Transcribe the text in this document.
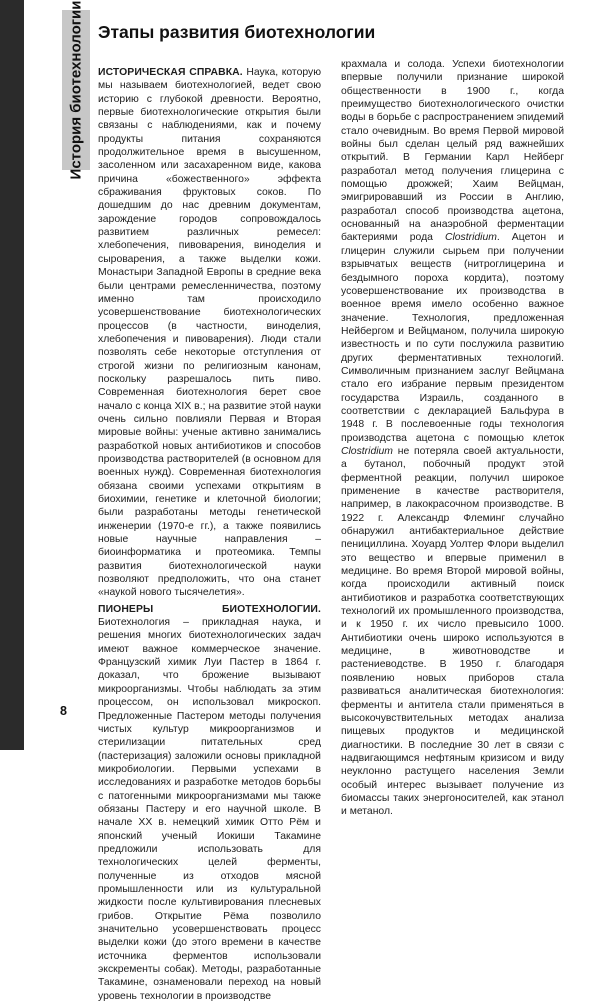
История биотехнологии Этапы развития биотехнологии

ИСТОРИЧЕСКАЯ СПРАВКА. Наука, которую мы называем биотехнологией, ведет свою историю с глубокой древности. Вероятно, первые биотехнологические открытия были связаны с наблюдениями, как и почему продукты питания сохраняются продолжительное время в высушенном, засоленном или засахаренном виде, какова причина «божественного» эффекта сбраживания фруктовых соков. По дошедшим до нас древним документам, зарождение городов сопровождалось развитием различных ремесел: хлебопечения, пивоварения, виноделия и сыроварения, а также выделки кожи. Монастыри Западной Европы в средние века были центрами ремесленничества, поэтому именно там происходило усовершенствование биотехнологических процессов (в частности, виноделия, хлебопечения и пивоварения). Люди стали позволять себе некоторые отступления от строгой жизни по религиозным канонам, поскольку разрешалось пить пиво. Современная биотехнология берет свое начало с конца XIX в.; на развитие этой науки очень сильно повлияли Первая и Вторая мировые войны: ученые активно занимались разработкой новых антибиотиков и способов производства растворителей (в основном для военных нужд). Современная биотехнология обязана своими успехами открытиям в биохимии, генетике и клеточной биологии; были разработаны методы генетической инженерии (1970-е гг.), а также появились новые научные направления – биоинформатика и протеомика. Темпы развития биотехнологической науки позволяют предположить, что она станет «наукой нового тысячелетия».

ПИОНЕРЫ БИОТЕХНОЛОГИИ. Биотехнология – прикладная наука, и решения многих биотехнологических задач имеют важное коммерческое значение. Французский химик Луи Пастер в 1864 г. доказал, что брожение вызывают микроорганизмы. Чтобы наблюдать за этим процессом, он использовал микроскоп. Предложенные Пастером методы получения чистых культур микроорганизмов и стерилизации питательных сред (пастеризация) заложили основы прикладной микробиологии. Первыми успехами в исследованиях и разработке методов борьбы с патогенными микроорганизмами мы также обязаны Пастеру и его научной школе. В начале XX в. немецкий химик Отто Рём и японский ученый Иокиши Такамине предложили использовать для технологических целей ферменты, полученные из отходов мясной промышленности или из культуральной жидкости после культивирования плесневых грибов. Открытие Рёма позволило значительно усовершенствовать процесс выделки кожи (до этого времени в качестве источника ферментов использовали экскременты собак). Методы, разработанные Такамине, ознаменовали переход на новый уровень технологии в производстве

крахмала и солода. Успехи биотехнологии впервые получили признание широкой общественности в 1900 г., когда преимущество биотехнологического очистки воды в борьбе с распространением эпидемий стало очевидным. Во время Первой мировой войны был сделан целый ряд важнейших открытий. В Германии Карл Нейберг разработал метод получения глицерина с помощью дрожжей; Хаим Вейцман, эмигрировавший из России в Англию, разработал способ производства ацетона, основанный на анаэробной ферментации бактериями рода Clostridium. Ацетон и глицерин служили сырьем при получении взрывчатых веществ (нитроглицерина и бездымного пороха кордита), поэтому усовершенствование их производства в военное время имело особенно важное значение. Технология, предложенная Нейбергом и Вейцманом, получила широкую известность и по сути послужила развитию других ферментативных технологий. Символичным признанием заслуг Вейцмана стало его избрание первым президентом государства Израиль, созданного в соответствии с декларацией Бальфура в 1948 г. В послевоенные годы технология производства ацетона с помощью клеток Clostridium не потеряла своей актуальности, а бутанол, побочный продукт этой ферментной реакции, получил широкое применение в качестве растворителя, например, в лакокрасочном производстве. В 1922 г. Александр Флеминг случайно обнаружил антибактериальное действие пенициллина. Хоуард Уолтер Флори выделил это вещество и впервые применил в медицине. Во время Второй мировой войны, когда происходили активный поиск антибиотиков и разработка соответствующих технологий их промышленного производства, и к 1950 г. их число превысило 1000. Антибиотики очень широко используются в медицине, в животноводстве и растениеводстве. В 1950 г. благодаря появлению новых приборов стала развиваться аналитическая биотехнология: ферменты и антитела стали применяться в высокочувствительных методах анализа пищевых продуктов и медицинской диагностики. В последние 30 лет в связи с надвигающимся нефтяным кризисом и виду неуклонно растущего населения Земли особый интерес вызывает получение из биомассы таких энергоносителей, как этанол и метанол.

8
